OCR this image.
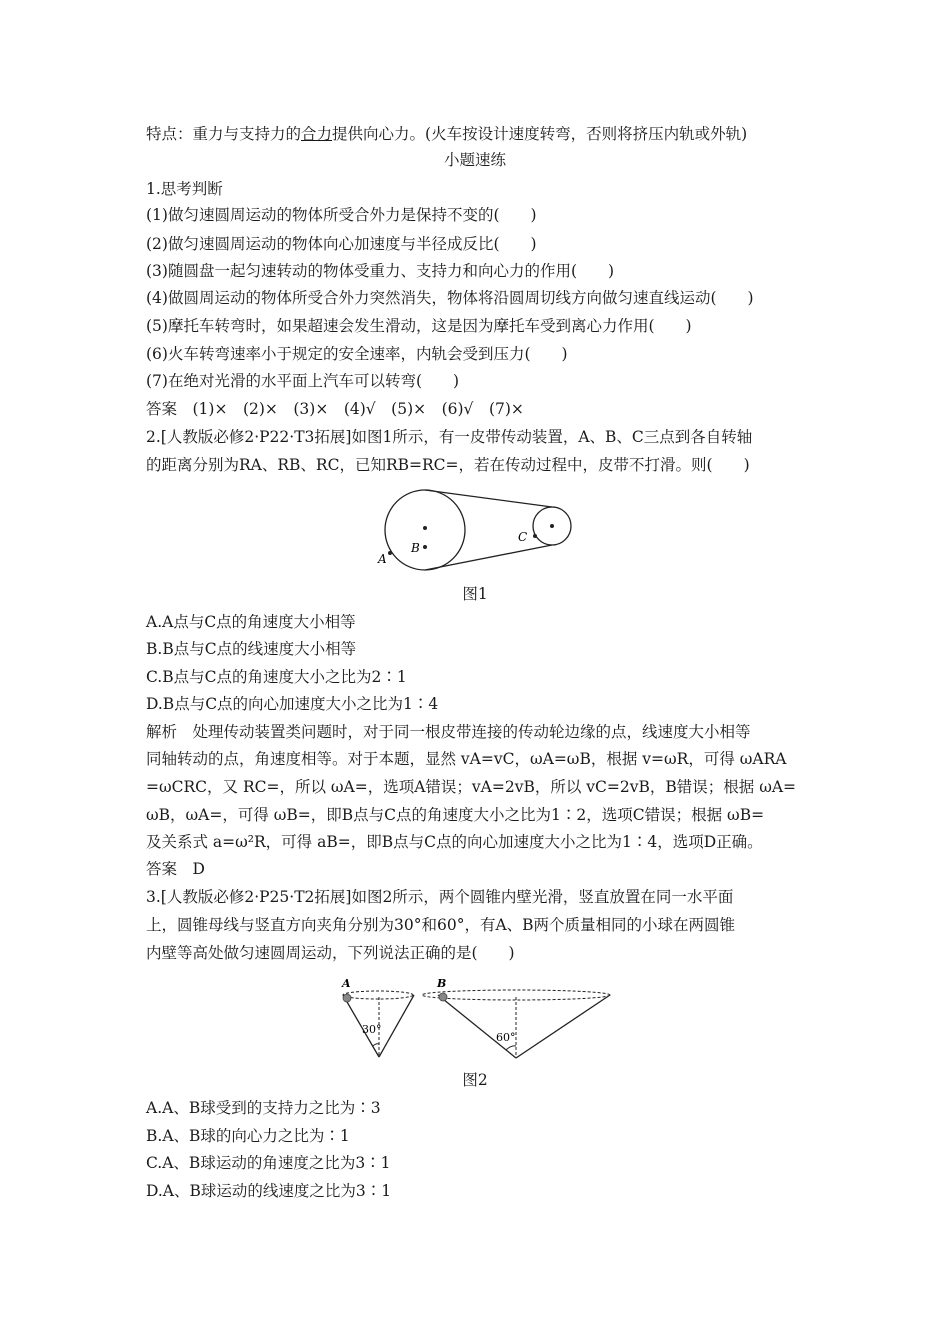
特点：重力与支持力的合力提供向心力。(火车按设计速度转弯，否则将挤压内轨或外轨)
小题速练
1.思考判断
(1)做匀速圆周运动的物体所受合外力是保持不变的(　　)
(2)做匀速圆周运动的物体向心加速度与半径成反比(　　)
(3)随圆盘一起匀速转动的物体受重力、支持力和向心力的作用(　　)
(4)做圆周运动的物体所受合外力突然消失，物体将沿圆周切线方向做匀速直线运动(　　)
(5)摩托车转弯时，如果超速会发生滑动，这是因为摩托车受到离心力作用(　　)
(6)火车转弯速率小于规定的安全速率，内轨会受到压力(　　)
(7)在绝对光滑的水平面上汽车可以转弯(　　)
答案　(1)×　(2)×　(3)×　(4)√　(5)×　(6)√　(7)×
2.[人教版必修2·P22·T3拓展]如图1所示，有一皮带传动装置，A、B、C三点到各自转轴
的距离分别为RA、RB、RC，已知RB=RC=，若在传动过程中，皮带不打滑。则(　　)
A
B
C
图1
A.A点与C点的角速度大小相等
B.B点与C点的线速度大小相等
C.B点与C点的角速度大小之比为2∶1
D.B点与C点的向心加速度大小之比为1∶4
解析　处理传动装置类问题时，对于同一根皮带连接的传动轮边缘的点，线速度大小相等
同轴转动的点，角速度相等。对于本题，显然 vA=vC，ωA=ωB，根据 v=ωR，可得 ωARA
=ωCRC，又 RC=，所以 ωA=，选项A错误；vA=2vB，所以 vC=2vB，B错误；根据 ωA=
ωB，ωA=，可得 ωB=，即B点与C点的角速度大小之比为1∶2，选项C错误；根据 ωB=
及关系式 a=ω²R，可得 aB=，即B点与C点的向心加速度大小之比为1∶4，选项D正确。
答案　D
3.[人教版必修2·P25·T2拓展]如图2所示，两个圆锥内壁光滑，竖直放置在同一水平面
上，圆锥母线与竖直方向夹角分别为30°和60°，有A、B两个质量相同的小球在两圆锥
内壁等高处做匀速圆周运动，下列说法正确的是(　　)
A
30°
B
60°
图2
A.A、B球受到的支持力之比为∶3
B.A、B球的向心力之比为∶1
C.A、B球运动的角速度之比为3∶1
D.A、B球运动的线速度之比为3∶1
